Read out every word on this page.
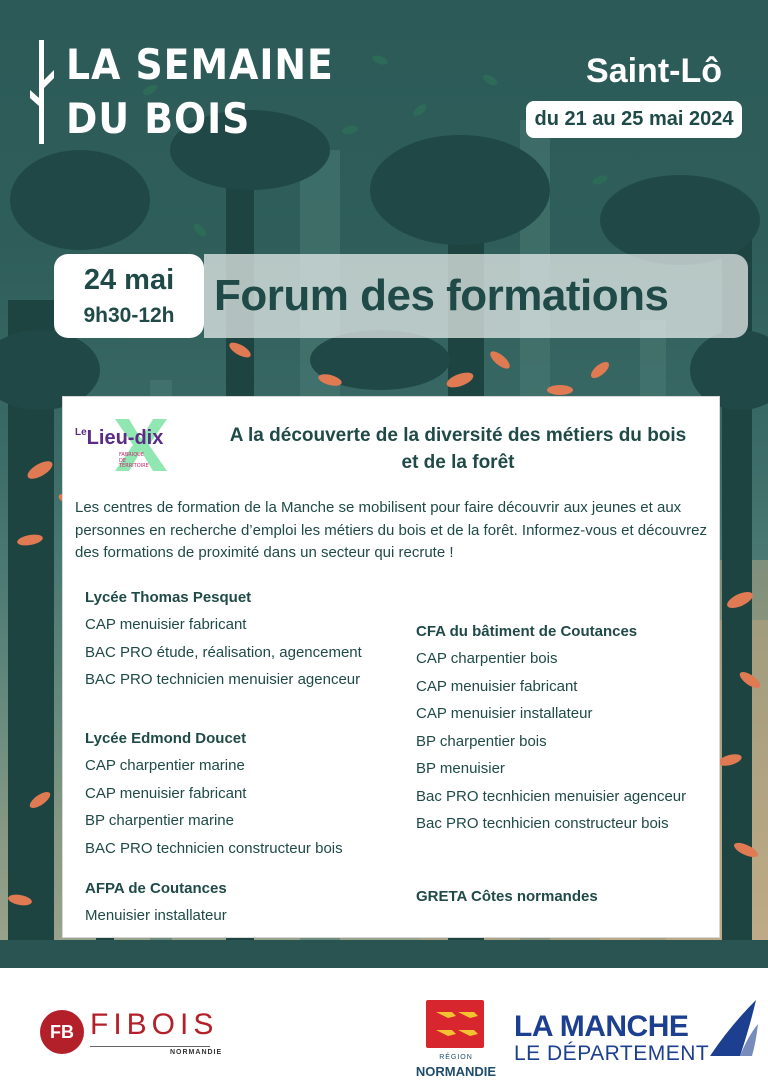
LA SEMAINE
DU BOIS
Saint-Lô
du 21 au 25 mai 2024
24 mai
9h30-12h Forum des formations
$^{Le}$Lieu-dix
FABRIQUE DE TERRITOIRE
A la découverte de la diversité des métiers du bois et de la forêt
Les centres de formation de la Manche se mobilisent pour faire découvrir aux jeunes et aux personnes en recherche d’emploi les métiers du bois et de la forêt. Informez-vous et découvrez des formations de proximité dans un secteur qui recrute !
Lycée Thomas Pesquet
CAP menuisier fabricant
BAC PRO étude, réalisation, agencement
BAC PRO technicien menuisier agenceur
Lycée Edmond Doucet
CAP charpentier marine
CAP menuisier fabricant
BP charpentier marine
BAC PRO technicien constructeur bois
AFPA de Coutances
Menuisier installateur
CFA du bâtiment de Coutances
CAP charpentier bois
CAP menuisier fabricant
CAP menuisier installateur
BP charpentier bois
BP menuisier
Bac PRO tecnhicien menuisier agenceur
Bac PRO tecnhicien constructeur bois
GRETA Côtes normandes
FB FIBOIS
NORMANDIE
RÉGION
NORMANDIE
LA MANCHE
LE DÉPARTEMENT
